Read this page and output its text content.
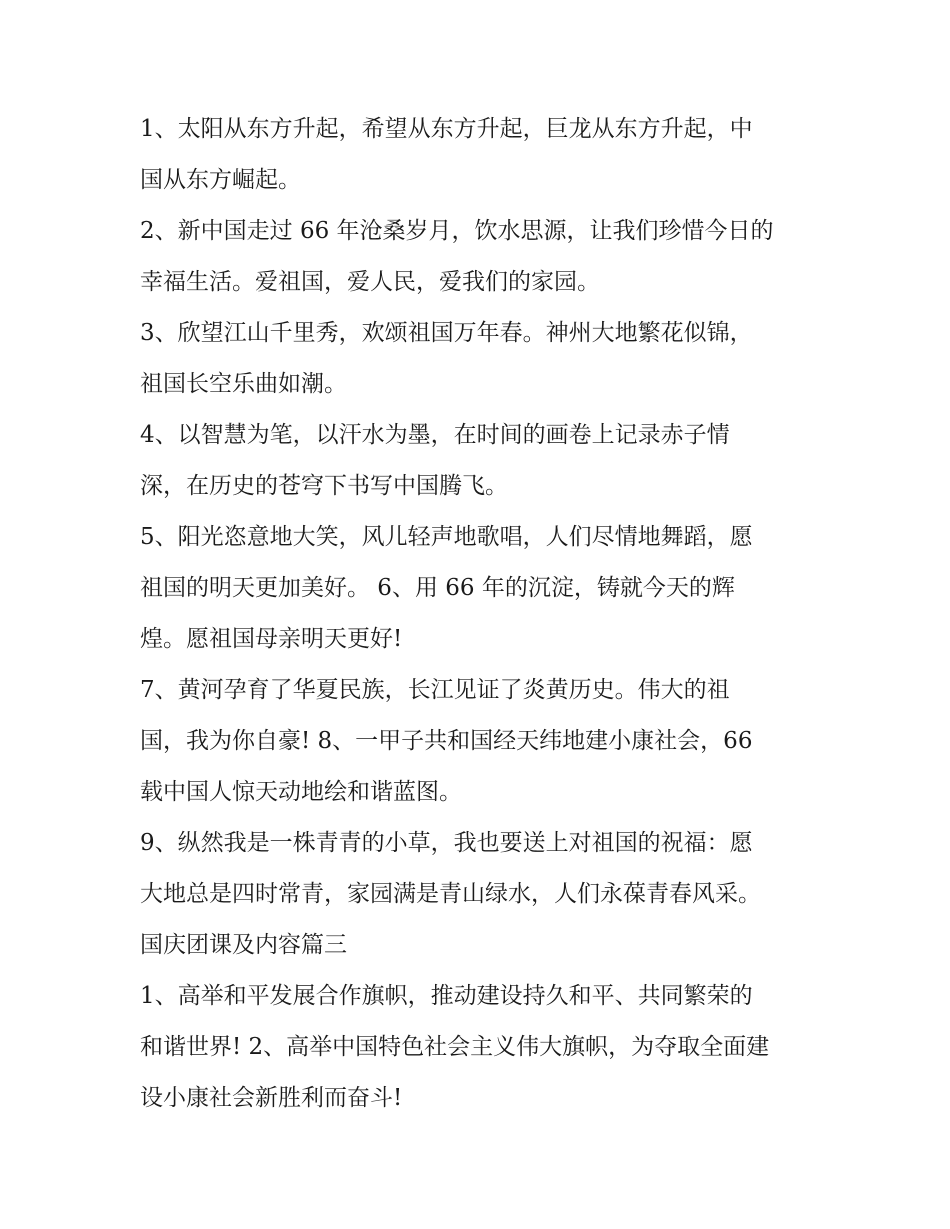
1、太阳从东方升起，希望从东方升起，巨龙从东方升起，中
国从东方崛起。

2、新中国走过 66 年沧桑岁月，饮水思源，让我们珍惜今日的
幸福生活。爱祖国，爱人民，爱我们的家园。

3、欣望江山千里秀，欢颂祖国万年春。神州大地繁花似锦，
祖国长空乐曲如潮。

4、以智慧为笔，以汗水为墨，在时间的画卷上记录赤子情
深，在历史的苍穹下书写中国腾飞。

5、阳光恣意地大笑，风儿轻声地歌唱，人们尽情地舞蹈，愿
祖国的明天更加美好。 6、用 66 年的沉淀，铸就今天的辉
煌。愿祖国母亲明天更好!

7、黄河孕育了华夏民族，长江见证了炎黄历史。伟大的祖
国，我为你自豪! 8、一甲子共和国经天纬地建小康社会，66
载中国人惊天动地绘和谐蓝图。

9、纵然我是一株青青的小草，我也要送上对祖国的祝福：愿
大地总是四时常青，家园满是青山绿水，人们永葆青春风采。

国庆团课及内容篇三

1、高举和平发展合作旗帜，推动建设持久和平、共同繁荣的
和谐世界! 2、高举中国特色社会主义伟大旗帜，为夺取全面建
设小康社会新胜利而奋斗!
